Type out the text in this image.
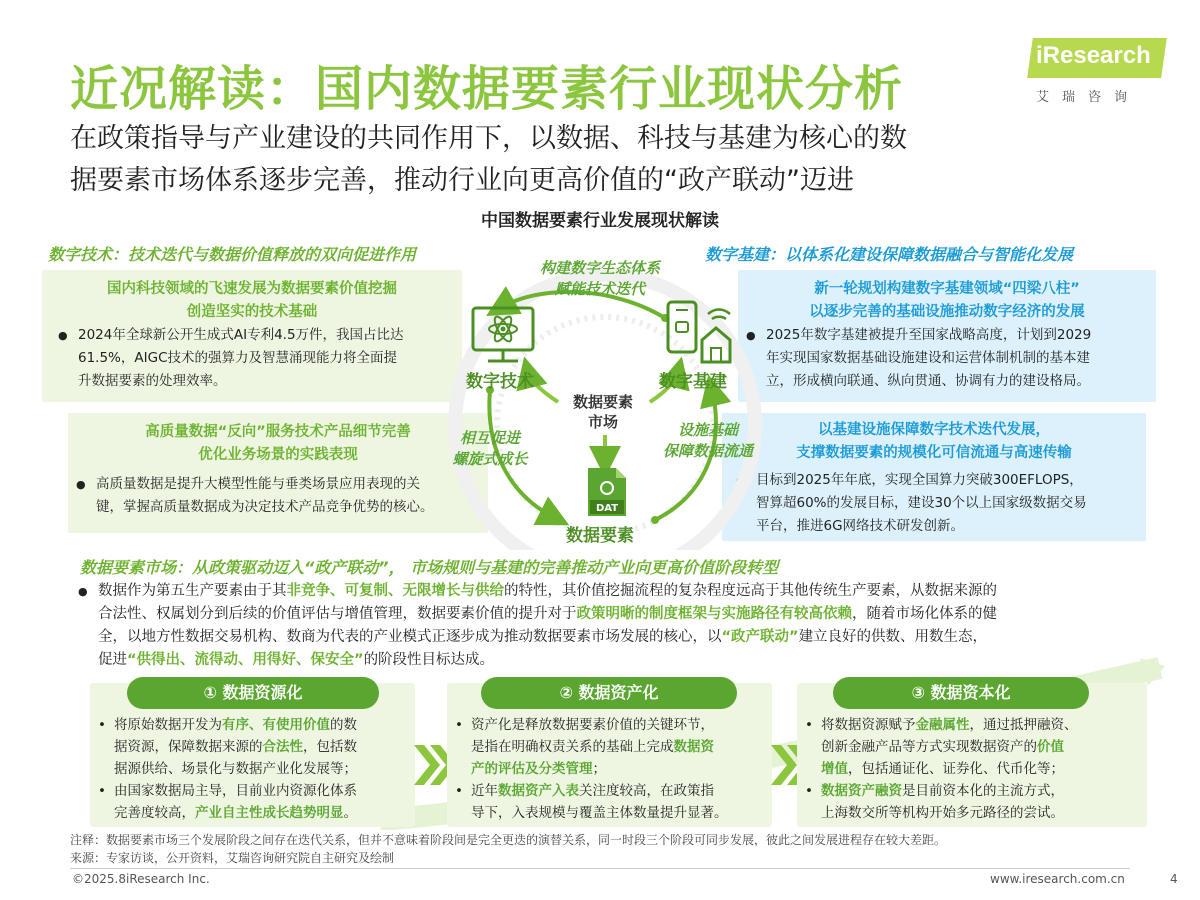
近况解读：国内数据要素行业现状分析
iResearch
艾瑞咨询
在政策指导与产业建设的共同作用下，以数据、科技与基建为核心的数
据要素市场体系逐步完善，推动行业向更高价值的“政产联动”迈进
中国数据要素行业发展现状解读
数字技术：技术迭代与数据价值释放的双向促进作用
国内科技领域的飞速发展为数据要素价值挖掘
创造坚实的技术基础
● 2024年全球新公开生成式AI专利4.5万件，我国占比达
61.5%，AIGC技术的强算力及智慧涌现能力将全面提
升数据要素的处理效率。
高质量数据“反向”服务技术产品细节完善
优化业务场景的实践表现
● 高质量数据是提升大模型性能与垂类场景应用表现的关
键，掌握高质量数据成为决定技术产品竞争优势的核心。
数字基建：以体系化建设保障数据融合与智能化发展
新一轮规划构建数字基建领域“四梁八柱”
以逐步完善的基础设施推动数字经济的发展
● 2025年数字基建被提升至国家战略高度，计划到2029
年实现国家数据基础设施建设和运营体制机制的基本建
立，形成横向联通、纵向贯通、协调有力的建设格局。
以基建设施保障数字技术迭代发展，
支撑数据要素的规模化可信流通与高速传输
● 目标到2025年年底，实现全国算力突破300EFLOPS，
智算超60%的发展目标，建设30个以上国家级数据交易
平台，推进6G网络技术研发创新。
DAT
数字技术	数字基建
数据要素
数据要素
市场
构建数字生态体系
赋能技术迭代
相互促进
螺旋式成长
设施基础
保障数据流通
数据要素市场：从政策驱动迈入“政产联动”， 市场规则与基建的完善推动产业向更高价值阶段转型
● 数据作为第五生产要素由于其非竞争、可复制、无限增长与供给的特性，其价值挖掘流程的复杂程度远高于其他传统生产要素，从数据来源的
合法性、权属划分到后续的价值评估与增值管理，数据要素价值的提升对于政策明晰的制度框架与实施路径有较高依赖，随着市场化体系的健
全，以地方性数据交易机构、数商为代表的产业模式正逐步成为推动数据要素市场发展的核心，以“政产联动”建立良好的供数、用数生态，
促进“供得出、流得动、用得好、保安全”的阶段性目标达成。
① 数据资源化
• 将原始数据开发为有序、有使用价值的数
据资源，保障数据来源的合法性，包括数
据源供给、场景化与数据产业化发展等；
• 由国家数据局主导，目前业内资源化体系
完善度较高，产业自主性成长趋势明显。
② 数据资产化
• 资产化是释放数据要素价值的关键环节，
是指在明确权责关系的基础上完成数据资
产的评估及分类管理；
• 近年数据资产入表关注度较高，在政策指
导下，入表规模与覆盖主体数量提升显著。
③ 数据资本化
• 将数据资源赋予金融属性，通过抵押融资、
创新金融产品等方式实现数据资产的价值
增值，包括通证化、证券化、代币化等；
• 数据资产融资是目前资本化的主流方式，
上海数交所等机构开始多元路径的尝试。
注释：数据要素市场三个发展阶段之间存在迭代关系，但并不意味着阶段间是完全更迭的演替关系，同一时段三个阶段可同步发展，彼此之间发展进程存在较大差距。
来源：专家访谈，公开资料，艾瑞咨询研究院自主研究及绘制
©2025.8iResearch Inc.	www.iresearch.com.cn	4
